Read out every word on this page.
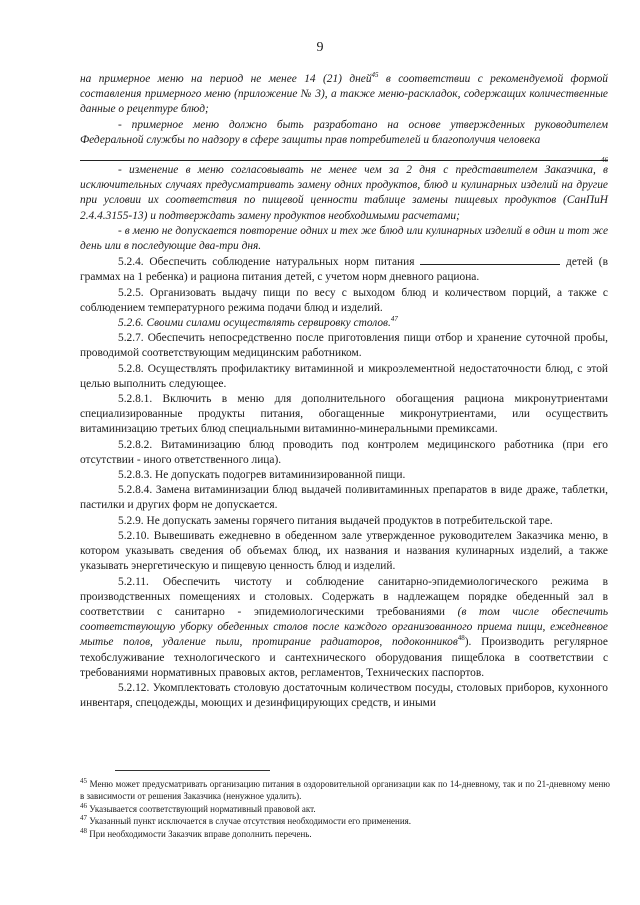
9

на примерное меню на период не менее 14 (21) дней$^{45}$ в соответствии с рекомендуемой формой составления примерного меню (приложение № 3), а также меню-раскладок, содержащих количественные данные о рецептуре блюд;

- примерное меню должно быть разработано на основе утвержденных руководителем Федеральной службы по надзору в сфере защиты прав потребителей и благополучия человека

46

- изменение в меню согласовывать не менее чем за 2 дня с представителем Заказчика, в исключительных случаях предусматривать замену одних продуктов, блюд и кулинарных изделий на другие при условии их соответствия по пищевой ценности таблице замены пищевых продуктов (СанПиН 2.4.4.3155-13) и подтверждать замену продуктов необходимыми расчетами;

- в меню не допускается повторение одних и тех же блюд или кулинарных изделий в один и тот же день или в последующие два-три дня.

5.2.4. Обеспечить соблюдение натуральных норм питания	детей (в граммах на 1 ребенка) и рациона питания детей, с учетом норм дневного рациона.

5.2.5. Организовать выдачу пищи по весу с выходом блюд и количеством порций, а также с соблюдением температурного режима подачи блюд и изделий.

5.2.6. Своими силами осуществлять сервировку столов.$^{47}$

5.2.7. Обеспечить непосредственно после приготовления пищи отбор и хранение суточной пробы, проводимой соответствующим медицинским работником.

5.2.8. Осуществлять профилактику витаминной и микроэлементной недостаточности блюд, с этой целью выполнить следующее.

5.2.8.1. Включить в меню для дополнительного обогащения рациона микронутриентами специализированные продукты питания, обогащенные микронутриентами, или осуществить витаминизацию третьих блюд специальными витаминно-минеральными премиксами.

5.2.8.2. Витаминизацию блюд проводить под контролем медицинского работника (при его отсутствии - иного ответственного лица).

5.2.8.3. Не допускать подогрев витаминизированной пищи.

5.2.8.4. Замена витаминизации блюд выдачей поливитаминных препаратов в виде драже, таблетки, пастилки и других форм не допускается.

5.2.9. Не допускать замены горячего питания выдачей продуктов в потребительской таре.

5.2.10. Вывешивать ежедневно в обеденном зале утвержденное руководителем Заказчика меню, в котором указывать сведения об объемах блюд, их названия и названия кулинарных изделий, а также указывать энергетическую и пищевую ценность блюд и изделий.

5.2.11. Обеспечить чистоту и соблюдение санитарно-эпидемиологического режима в производственных помещениях и столовых. Содержать в надлежащем порядке обеденный зал в соответствии с санитарно - эпидемиологическими требованиями (в том числе обеспечить соответствующую уборку обеденных столов после каждого организованного приема пищи, ежедневное мытье полов, удаление пыли, протирание радиаторов, подоконников$^{48}$). Производить регулярное техобслуживание технологического и сантехнического оборудования пищеблока в соответствии с требованиями нормативных правовых актов, регламентов, Технических паспортов.

5.2.12. Укомплектовать столовую достаточным количеством посуды, столовых приборов, кухонного инвентаря, спецодежды, моющих и дезинфицирующих средств, и иными

$^{45}$ Меню может предусматривать организацию питания в оздоровительной организации как по 14-дневному, так и по 21-дневному меню в зависимости от решения Заказчика (ненужное удалить).

$^{46}$ Указывается соответствующий нормативный правовой акт.

$^{47}$ Указанный пункт исключается в случае отсутствия необходимости его применения.

$^{48}$ При необходимости Заказчик вправе дополнить перечень.
